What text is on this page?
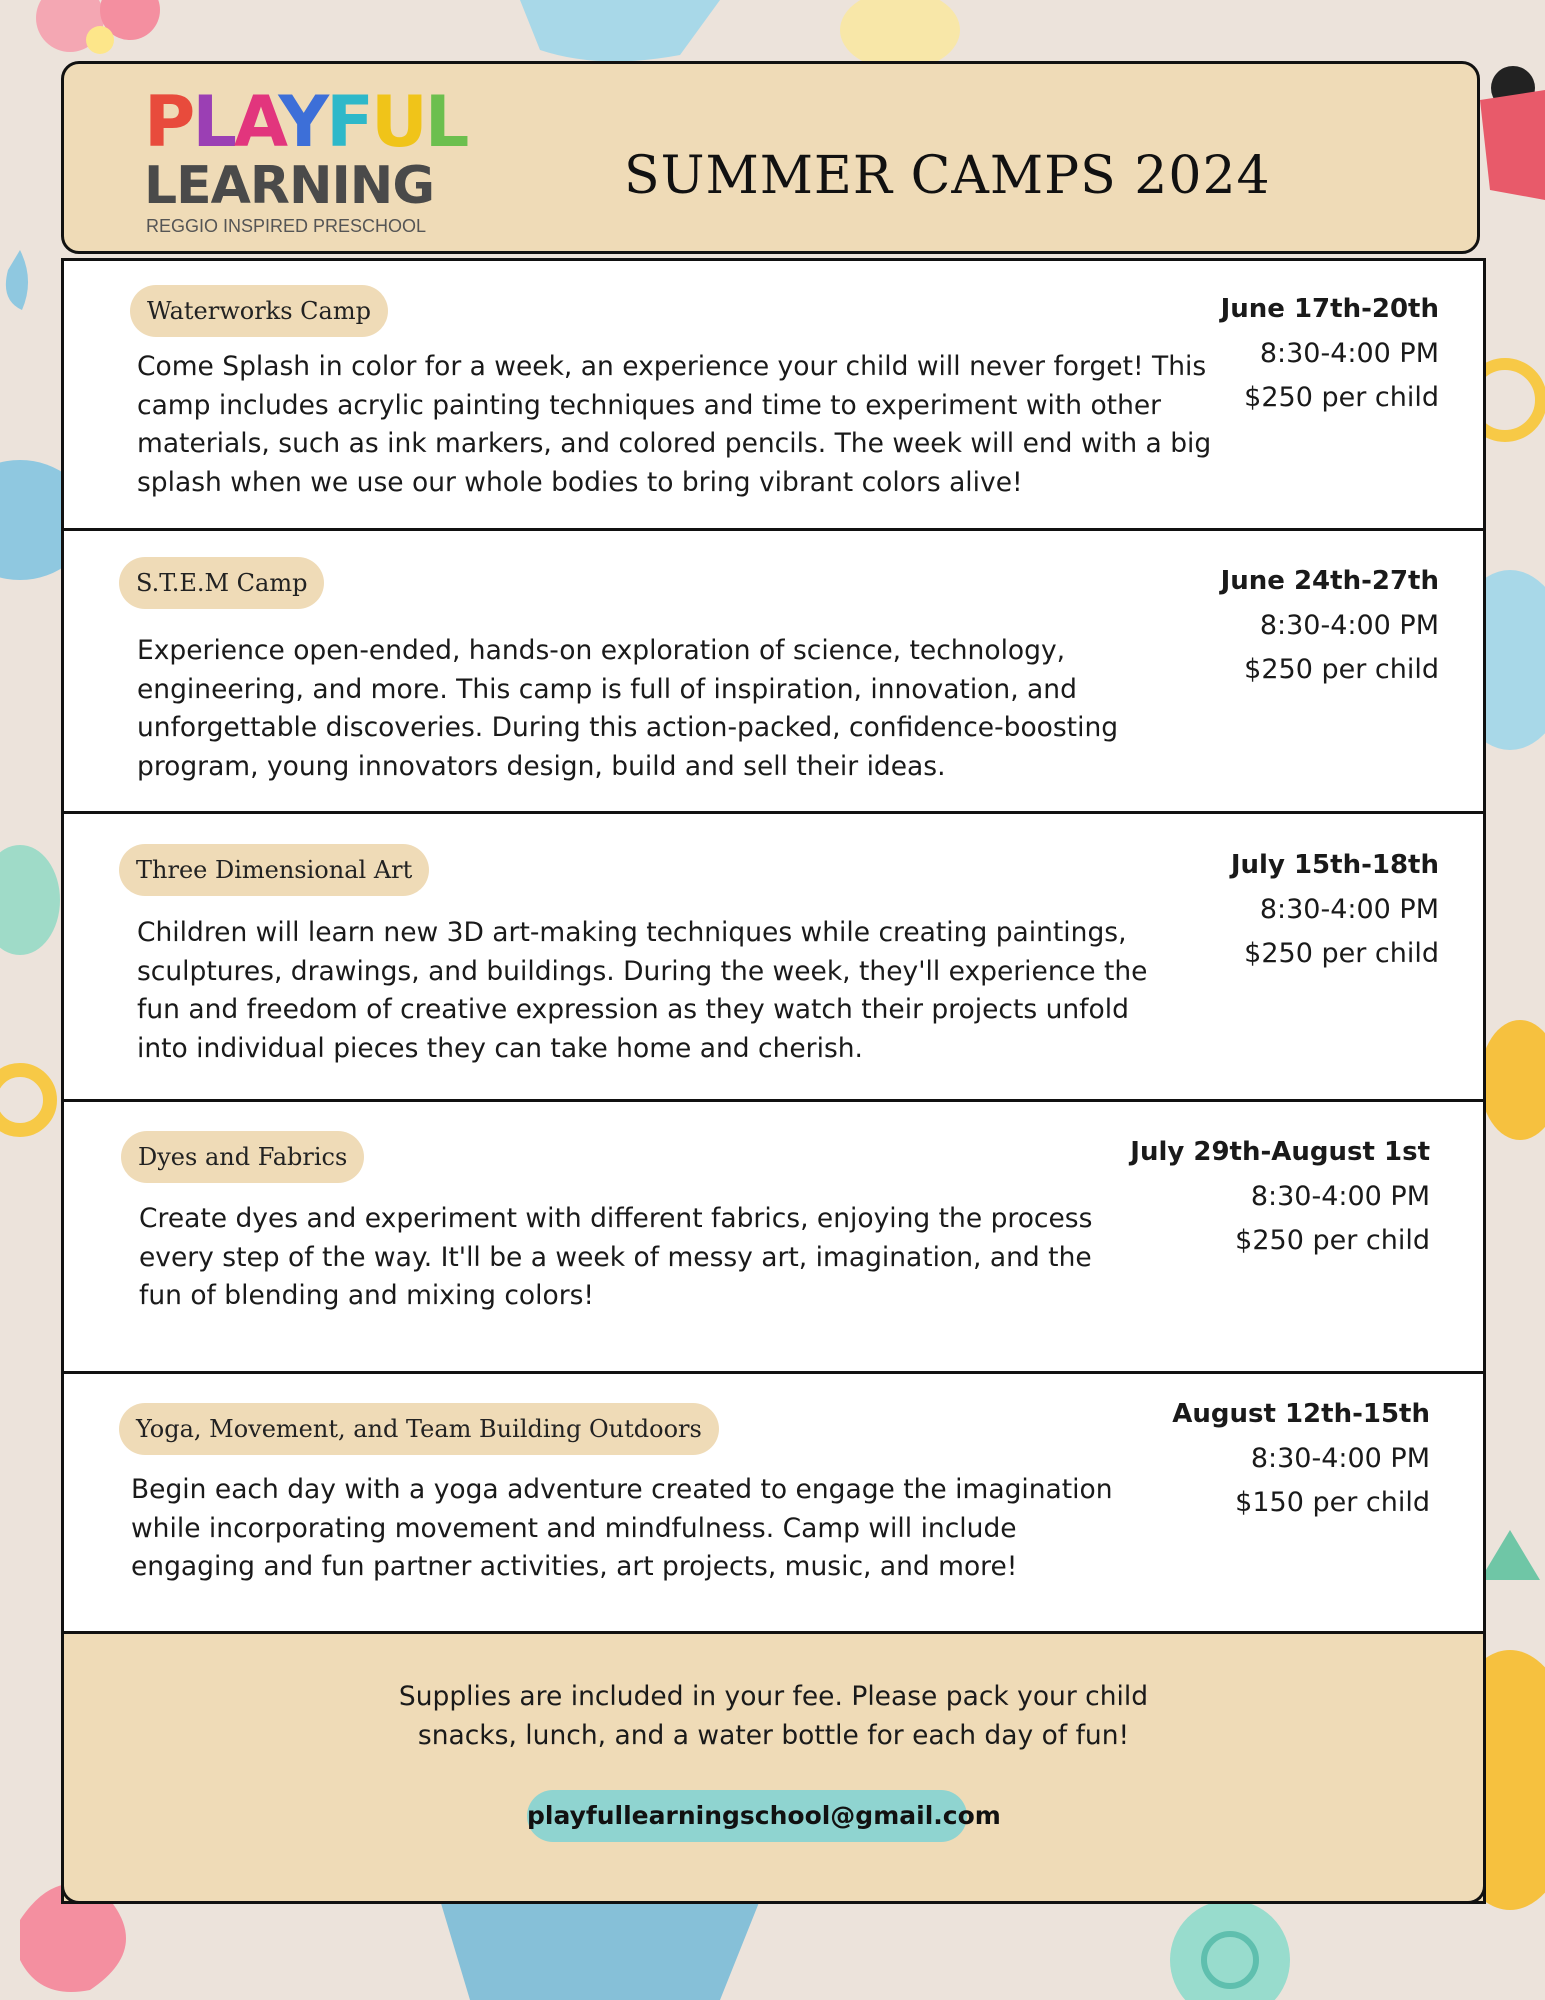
PLAYFUL
LEARNING
REGGIO INSPIRED PRESCHOOL
SUMMER CAMPS 2024
Waterworks Camp

Come Splash in color for a week, an experience your child will never forget! This camp includes acrylic painting techniques and time to experiment with other materials, such as ink markers, and colored pencils. The week will end with a big splash when we use our whole bodies to bring vibrant colors alive!

June 17th-20th
8:30-4:00 PM
$250 per child
S.T.E.M Camp

Experience open-ended, hands-on exploration of science, technology, engineering, and more. This camp is full of inspiration, innovation, and unforgettable discoveries. During this action-packed, confidence-boosting program, young innovators design, build and sell their ideas.

June 24th-27th
8:30-4:00 PM
$250 per child
Three Dimensional Art

Children will learn new 3D art-making techniques while creating paintings, sculptures, drawings, and buildings. During the week, they'll experience the fun and freedom of creative expression as they watch their projects unfold into individual pieces they can take home and cherish.

July 15th-18th
8:30-4:00 PM
$250 per child
Dyes and Fabrics

Create dyes and experiment with different fabrics, enjoying the process every step of the way. It'll be a week of messy art, imagination, and the fun of blending and mixing colors!

July 29th-August 1st
8:30-4:00 PM
$250 per child
Yoga, Movement, and Team Building Outdoors

Begin each day with a yoga adventure created to engage the imagination while incorporating movement and mindfulness. Camp will include engaging and fun partner activities, art projects, music, and more!

August 12th-15th
8:30-4:00 PM
$150 per child

Supplies are included in your fee. Please pack your child
snacks, lunch, and a water bottle for each day of fun!

playfullearningschool@gmail.com
